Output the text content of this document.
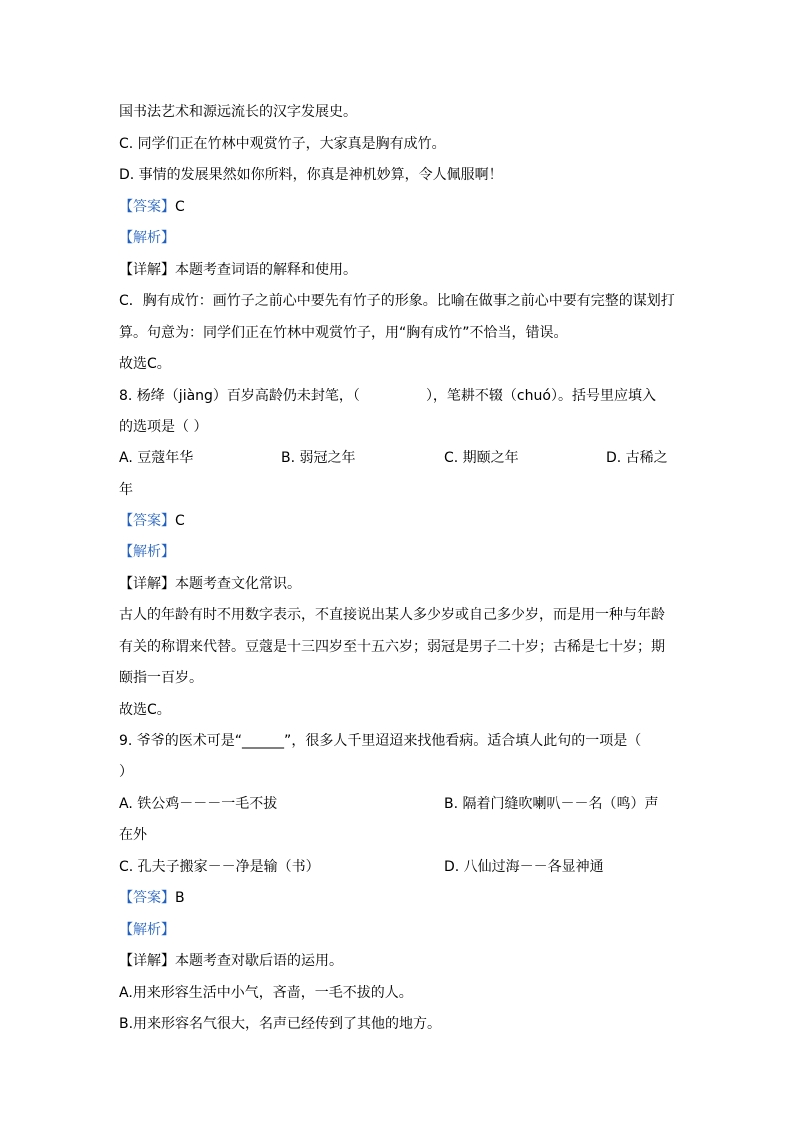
国书法艺术和源远流长的汉字发展史。
C. 同学们正在竹林中观赏竹子，大家真是胸有成竹。
D. 事情的发展果然如你所料，你真是神机妙算，令人佩服啊！
【答案】C
【解析】
【详解】本题考查词语的解释和使用。
C．胸有成竹：画竹子之前心中要先有竹子的形象。比喻在做事之前心中要有完整的谋划打
算。句意为：同学们正在竹林中观赏竹子，用“胸有成竹”不恰当，错误。
故选C。
8. 杨绛（jiàng）百岁高龄仍未封笔，（	），笔耕不辍（chuó）。括号里应填入
的选项是（ ）
A. 豆蔻年华	B. 弱冠之年	C. 期颐之年	D. 古稀之
年
【答案】C
【解析】
【详解】本题考查文化常识。
古人的年龄有时不用数字表示，不直接说出某人多少岁或自己多少岁，而是用一种与年龄
有关的称谓来代替。豆蔻是十三四岁至十五六岁；弱冠是男子二十岁；古稀是七十岁；期
颐指一百岁。
故选C。
9. 爷爷的医术可是“______”，很多人千里迢迢来找他看病。适合填人此句的一项是（
）
A. 铁公鸡－－－一毛不拔	B. 隔着门缝吹喇叭－－名（鸣）声
在外
C. 孔夫子搬家－－净是输（书）	D. 八仙过海－－各显神通
【答案】B
【解析】
【详解】本题考查对歇后语的运用。
A.用来形容生活中小气，吝啬，一毛不拔的人。
B.用来形容名气很大，名声已经传到了其他的地方。
